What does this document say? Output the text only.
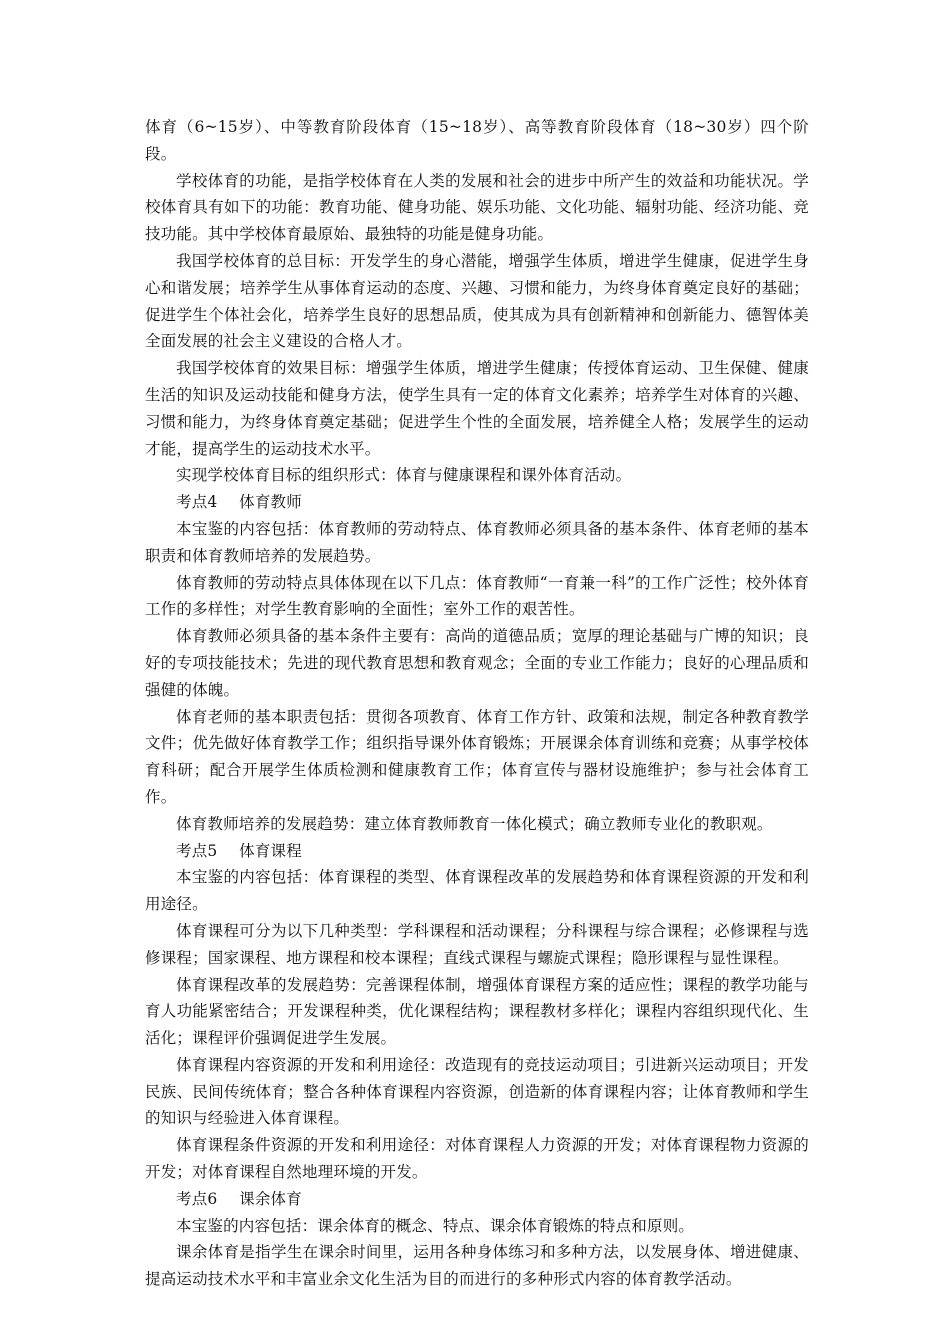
体育（6~15岁）、中等教育阶段体育（15~18岁）、高等教育阶段体育（18~30岁）四个阶段。

学校体育的功能，是指学校体育在人类的发展和社会的进步中所产生的效益和功能状况。学校体育具有如下的功能：教育功能、健身功能、娱乐功能、文化功能、辐射功能、经济功能、竞技功能。其中学校体育最原始、最独特的功能是健身功能。

我国学校体育的总目标：开发学生的身心潜能，增强学生体质，增进学生健康，促进学生身心和谐发展；培养学生从事体育运动的态度、兴趣、习惯和能力，为终身体育奠定良好的基础；促进学生个体社会化，培养学生良好的思想品质，使其成为具有创新精神和创新能力、德智体美全面发展的社会主义建设的合格人才。

我国学校体育的效果目标：增强学生体质，增进学生健康；传授体育运动、卫生保健、健康生活的知识及运动技能和健身方法，使学生具有一定的体育文化素养；培养学生对体育的兴趣、习惯和能力，为终身体育奠定基础；促进学生个性的全面发展，培养健全人格；发展学生的运动才能，提高学生的运动技术水平。

实现学校体育目标的组织形式：体育与健康课程和课外体育活动。

考点4 体育教师

本宝鉴的内容包括：体育教师的劳动特点、体育教师必须具备的基本条件、体育老师的基本职责和体育教师培养的发展趋势。

体育教师的劳动特点具体体现在以下几点：体育教师“一育兼一科”的工作广泛性；校外体育工作的多样性；对学生教育影响的全面性；室外工作的艰苦性。

体育教师必须具备的基本条件主要有：高尚的道德品质；宽厚的理论基础与广博的知识；良好的专项技能技术；先进的现代教育思想和教育观念；全面的专业工作能力；良好的心理品质和强健的体魄。

体育老师的基本职责包括：贯彻各项教育、体育工作方针、政策和法规，制定各种教育教学文件；优先做好体育教学工作；组织指导课外体育锻炼；开展课余体育训练和竞赛；从事学校体育科研；配合开展学生体质检测和健康教育工作；体育宣传与器材设施维护；参与社会体育工作。

体育教师培养的发展趋势：建立体育教师教育一体化模式；确立教师专业化的教职观。

考点5 体育课程

本宝鉴的内容包括：体育课程的类型、体育课程改革的发展趋势和体育课程资源的开发和利用途径。

体育课程可分为以下几种类型：学科课程和活动课程；分科课程与综合课程；必修课程与选修课程；国家课程、地方课程和校本课程；直线式课程与螺旋式课程；隐形课程与显性课程。

体育课程改革的发展趋势：完善课程体制，增强体育课程方案的适应性；课程的教学功能与育人功能紧密结合；开发课程种类，优化课程结构；课程教材多样化；课程内容组织现代化、生活化；课程评价强调促进学生发展。

体育课程内容资源的开发和利用途径：改造现有的竞技运动项目；引进新兴运动项目；开发民族、民间传统体育；整合各种体育课程内容资源，创造新的体育课程内容；让体育教师和学生的知识与经验进入体育课程。

体育课程条件资源的开发和利用途径：对体育课程人力资源的开发；对体育课程物力资源的开发；对体育课程自然地理环境的开发。

考点6 课余体育

本宝鉴的内容包括：课余体育的概念、特点、课余体育锻炼的特点和原则。

课余体育是指学生在课余时间里，运用各种身体练习和多种方法，以发展身体、增进健康、提高运动技术水平和丰富业余文化生活为目的而进行的多种形式内容的体育教学活动。
